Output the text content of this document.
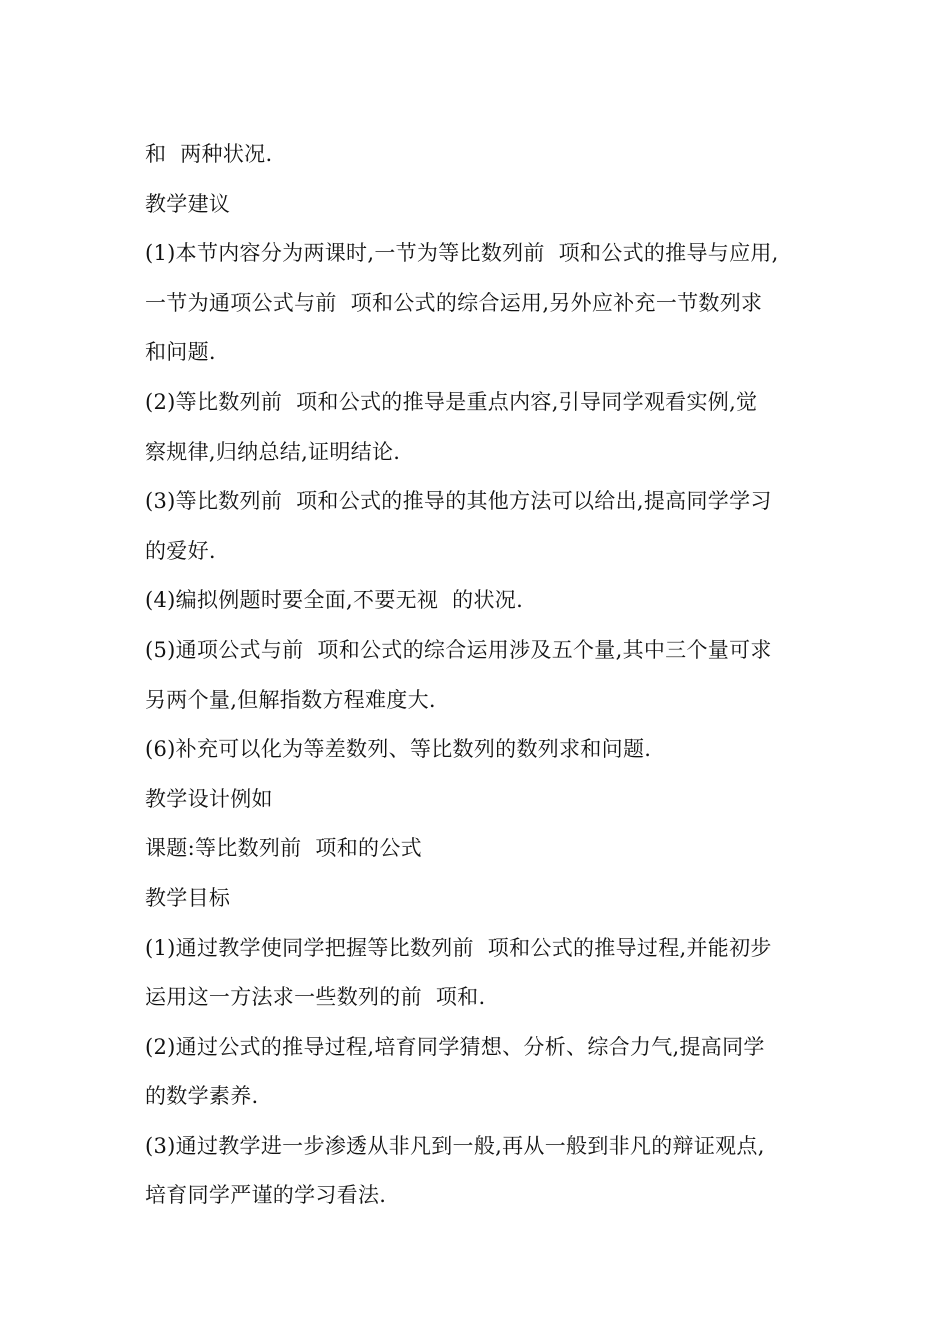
和  两种状况.
教学建议
(1)本节内容分为两课时,一节为等比数列前  项和公式的推导与应用,
一节为通项公式与前  项和公式的综合运用,另外应补充一节数列求
和问题.
(2)等比数列前  项和公式的推导是重点内容,引导同学观看实例,觉
察规律,归纳总结,证明结论.
(3)等比数列前  项和公式的推导的其他方法可以给出,提高同学学习
的爱好.
(4)编拟例题时要全面,不要无视  的状况.
(5)通项公式与前  项和公式的综合运用涉及五个量,其中三个量可求
另两个量,但解指数方程难度大.
(6)补充可以化为等差数列、等比数列的数列求和问题.
教学设计例如
课题:等比数列前  项和的公式
教学目标
(1)通过教学使同学把握等比数列前  项和公式的推导过程,并能初步
运用这一方法求一些数列的前  项和.
(2)通过公式的推导过程,培育同学猜想、分析、综合力气,提高同学
的数学素养.
(3)通过教学进一步渗透从非凡到一般,再从一般到非凡的辩证观点,
培育同学严谨的学习看法.
